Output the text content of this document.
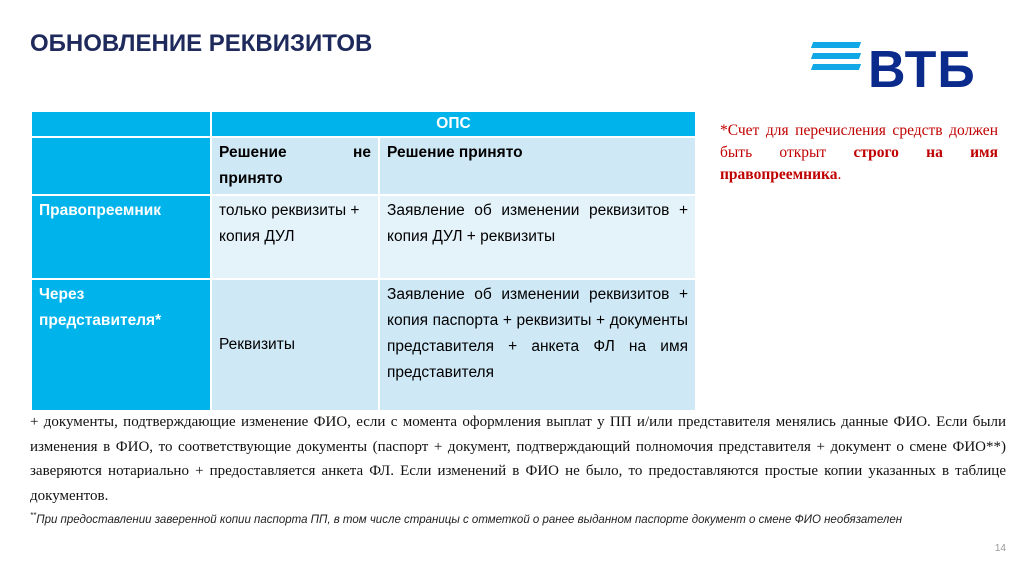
ОБНОВЛЕНИЕ РЕКВИЗИТОВ	ВТБ
	ОПС	
	Решение не принято	Решение принято
Правопреемник	только реквизиты + копия ДУЛ	Заявление об изменении реквизитов + копия ДУЛ + реквизиты
Через представителя*	Реквизиты	Заявление об изменении реквизитов + копия паспорта + реквизиты + документы представителя + анкета ФЛ на имя представителя
*Счет для перечисления средств должен быть открыт строго на имя правопреемника.
+ документы, подтверждающие изменение ФИО, если с момента оформления выплат у ПП и/или представителя менялись данные ФИО. Если были изменения в ФИО, то соответствующие документы (паспорт + документ, подтверждающий полномочия представителя + документ о смене ФИО**) заверяются нотариально + предоставляется анкета ФЛ. Если изменений в ФИО не было, то предоставляются простые копии указанных в таблице документов.
**При предоставлении заверенной копии паспорта ПП, в том числе страницы с отметкой о ранее выданном паспорте документ о смене ФИО необязателен
14
